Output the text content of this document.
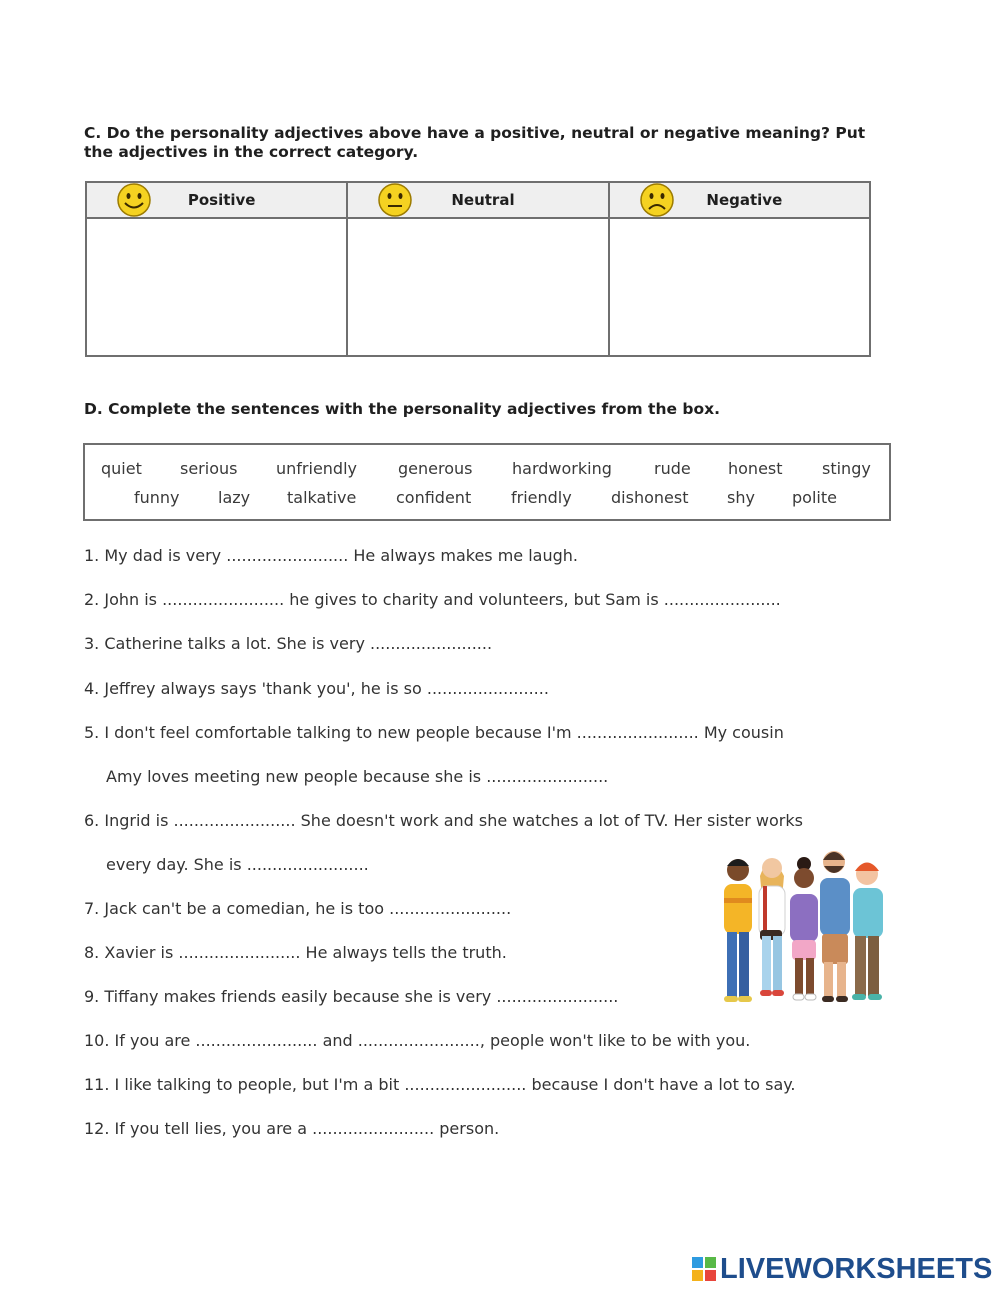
C. Do the personality adjectives above have a positive, neutral or negative meaning? Put the adjectives in the correct category.

Positive	Neutral	Negative

D. Complete the sentences with the personality adjectives from the box.

quiet serious unfriendly	generous hardworking	rude honest stingy
funny lazy talkative confident friendly dishonest shy polite
1. My dad is very ........................ He always makes me laugh.
2. John is ........................ he gives to charity and volunteers, but Sam is .......................
3. Catherine talks a lot. She is very ........................
4. Jeffrey always says 'thank you', he is so ........................
5. I don't feel comfortable talking to new people because I'm ........................ My cousin
Amy loves meeting new people because she is ........................
6. Ingrid is ........................ She doesn't work and she watches a lot of TV. Her sister works
every day. She is ........................
7. Jack can't be a comedian, he is too ........................
8. Xavier is ........................ He always tells the truth.
9. Tiffany makes friends easily because she is very ........................
10. If you are ........................ and ........................, people won't like to be with you.
11. I like talking to people, but I'm a bit ........................ because I don't have a lot to say.
12. If you tell lies, you are a ........................ person.
LIVEWORKSHEETS
